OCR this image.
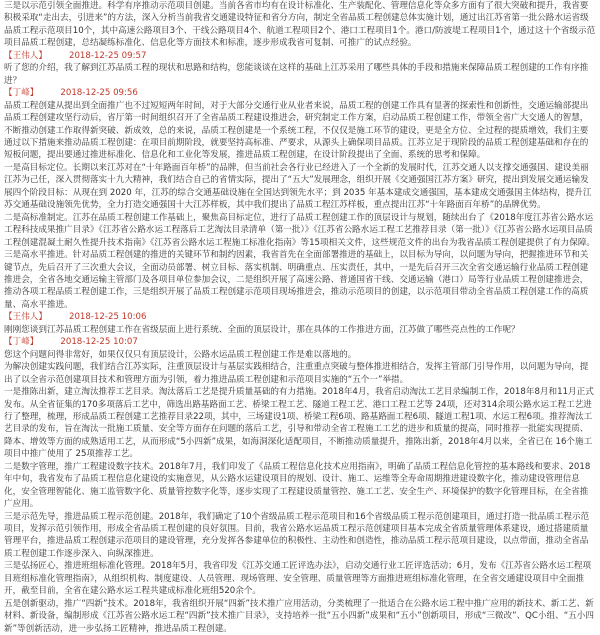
三是以示范引领全面推进。科学有序推动示范项目创建。当前各省市均有在设计标准化、生产装配化、管理信息化等众多方面有了很大突破和提升，我省要积极采取“走出去，引进来”的方法，深入分析当前我省交通建设特征和省分方向，制定全省品质工程创建总体实施计划，通过出江苏省第一批公路水运省级品质工程示范项目10个，其中高速公路项目3个、干线公路项目4个、航道工程项目2个、港口工程项目1个。港口/防波堤工程项目1个，通过这十个省级示范项目品质工程创建，总结凝练标准化、信息化等方面技术和标准，逐步形成我省可复制、可推广的试点经验。

【王伟人】	2018-12-25 09:57

听了您的介绍，我了解到江苏品质工程的现状和思路和结构，您能谈谈在这样的基础上江苏采用了哪些具体的手段和措施来保障品质工程创建的工作有序推进？

【丁峰】	2018-12-25 09:56

品质工程创建从提出到全面推广也不过短短两年时间，对于大部分交通行业从业者来说，品质工程的创建工作具有显著的探索性和创新性，交通运输部提出品质工程创建攻坚行动后，省厅第一时间组织召开了全省品质工程建设推进会，研究制定工作方案，启动品质工程创建工作，带领全省广大交通人的智慧，不断推动创建工作取得新突破、新成效，总的来说，品质工程创建是一个系统工程，不仅仅是施工环节的建设，更是全方位、全过程的提质增效，我们主要通过以下措施来推动品质工程创建：在项目前期阶段，就要坚持高标准、严要求，从源头上确保项目品质。江苏立足于现阶段的品质工程创建基础和存在的短板问题，提出要通过推进标准化、信息化和工业化等发展，推进品质工程创建，在设计阶段提出了全面、系统的思考和保障。

一是高目标定位。长期以来江苏对在“十年路面百年桥”的品牌，但当前社会各行业已经进入了一个全新的发展时代，江苏交通人以支撑交通强国、建设美丽江苏为己任，深入贯彻落实十九大精神，我们结合自己的省情实际，提出了“五大”发展理念，组织开展《交通强国江苏方案》研究，提出到发展交通运输发展四个阶段目标：从现在到 2020 年，江苏的综合交通基础设施在全国达到领先水平；到 2035 年基本建成交通强国，基本建成交通强国主体结构，提升江苏交通基础设施领先优势，全力打造交通强国十大江苏样板，其中我们提出了品质工程江苏样板，重点提出江苏“十年路面百年桥”的品牌优势。

二是高标准制定。江苏在品质工程创建工作基础上，聚焦高目标定位，进行了品质工程创建工作的顶层设计与规划，随续出台了《2018年度江苏省公路水运工程科技成果推广目录》《江苏省公路水运工程落后工艺淘汰目录清单（第一批）》《江苏省公路水运工程工艺推荐目录（第一批）》《江苏省公路水运项目品质工程创建混凝土耐久性提升技术指南》《江苏省公路水运工程施工标准化指南》等15项相关文件，这些规范文件的出台为我省品质工程创建提供了有力保障。

三是高水平推进。针对品质工程创建的推进的关键环节和制约因素，我省首先在全面部署推进的基础上，以目标为导向，以问题为导向，把握推进环节和关键节点，先后召开了三次重大会议，全面动员部署、树立目标、落实机制、明确重点、压实责任，其中，一是先后召开三次全省交通运输行业品质工程创建推进会，全省各地交通运输主管部门及各项目单位参加会议，二是组织开展了高速公路、普通国省干线、交通运输（港口）局等行业品质工程创建推进会，推动各项工程品质工程创建工作，三是组织开展了品质工程创建示范项目现场推进会，推动示范项目的创建，以示范项目带动全省品质工程创建工作的高质量、高水平推进。

【王伟人】	2018-12-25 10:06

刚刚您谈到江苏品质工程创建工作在省级层面上进行系统、全面的顶层设计，那在具体的工作推进方面，江苏做了哪些亮点性的工作呢？

【丁峰】	2018-12-25 10:07

您这个问题问得非常好，如果仅仅只有顶层设计，公路水运品质工程创建工作是难以落地的。

为解决创建实践问题，我们结合江苏实际，注重顶层设计与基层实践相结合，注重重点突破与整体推进相结合，发挥主管部门引导作用，以问题为导向，提出了以全省示范创建项目技术和管理方面为引领，着力推进品质工程创建和示范项目实施的“五个一”举措。

一是推陈出新，建立淘汰推荐工艺目录。淘汰落后工艺是提升质量基础的有力措施。2018年4月，我省启动淘汰工艺目录编制工作，2018年8月和11月正式发布。从全省征集的170多项落后工艺中，筛选出路基路面工艺、桥梁工程工艺、隧道工程工艺、港口工程工艺等 24项，还对314余项公路水运工程工艺进行了整理，梳理，形成品质工程创建工艺推荐目录22项，其中，三场建设1项、桥梁工程6项、路基路面工程6项、隧道工程1项、水运工程6项。推荐淘汰工艺目录的发布，旨在淘汰一批施工质量、安全等方面存在问题的落后工艺，引导和带动全省工程施工工艺的进步和质量的提高，同时推荐一批能实现提质、降本、增效等方面的成熟适用工艺，从而形成“5小四新”成果，如海洞深化适配项目，不断推动质量提升，推陈出新，2018年4月以来，全省已在 16个施工项目中推广使用了 25项推荐工艺。

二是数字管理，推广工程建设数字技术。2018年7月，我们印发了《品质工程信息化技术应用指南》，明确了品质工程信息化管控的基本路线和要求、2018年中旬，我省发布了品质工程信息化建设的实施意见，从公路水运建设项目的规划、设计、施工、运维等全寿命周期推进建设数字化，推动建设管理信息化，安全管理智能化、施工监管数字化、质量管控数字化等，逐步实现了工程建设质量管控、施工工艺、安全生产、环境保护的数字化管理目标，在全省推广应用。

三是示范先导，推进品质工程示范创建。2018年，我们确定了10个省级品质工程示范项目和16个省级品质工程示范创建项目，通过打造一批品质工程示范项目，发挥示范引领作用，形成全省品质工程创建的良好氛围。目前，我省公路水运品质工程示范创建项目基本完成全省质量管理体系建设，通过搭建质量管理平台，推进品质工程创建示范项目的建设管理，充分发挥各参建单位的积极性、主动性和创造性，推动品质工程示范项目建设，以点带面，推动全省品质工程创建工作逐步深入、向纵深推进。

三是弘扬匠心，推进班组标准化管理。2018年5月，我省印发《江苏交通工匠评选办法》，启动交通行业工匠评选活动；6月，发布《江苏省公路水运工程项目班组标准化管理指南》，从组织机构、制度建设、人员管理、现场管理、安全管理、质量管理等方面推进班组标准化管理，在全省交通建设项目中全面推开，截至目前，全省在建公路水运工程共建成标准化班组520余个。

五是创新驱动，推广“四新”技术。2018年，我省组织开展“四新”技术推广应用活动，分类梳理了一批适合在公路水运工程中推广应用的新技术、新工艺、新材料、新设备，编制形成《江苏省公路水运工程“四新”技术推广目录》，支持培养一批“五小四新”成果和“五小”创新项目，形成“三微改”、QC小组、“五小四新”等创新活动，进一步弘扬工匠精神，推进品质工程创建。
